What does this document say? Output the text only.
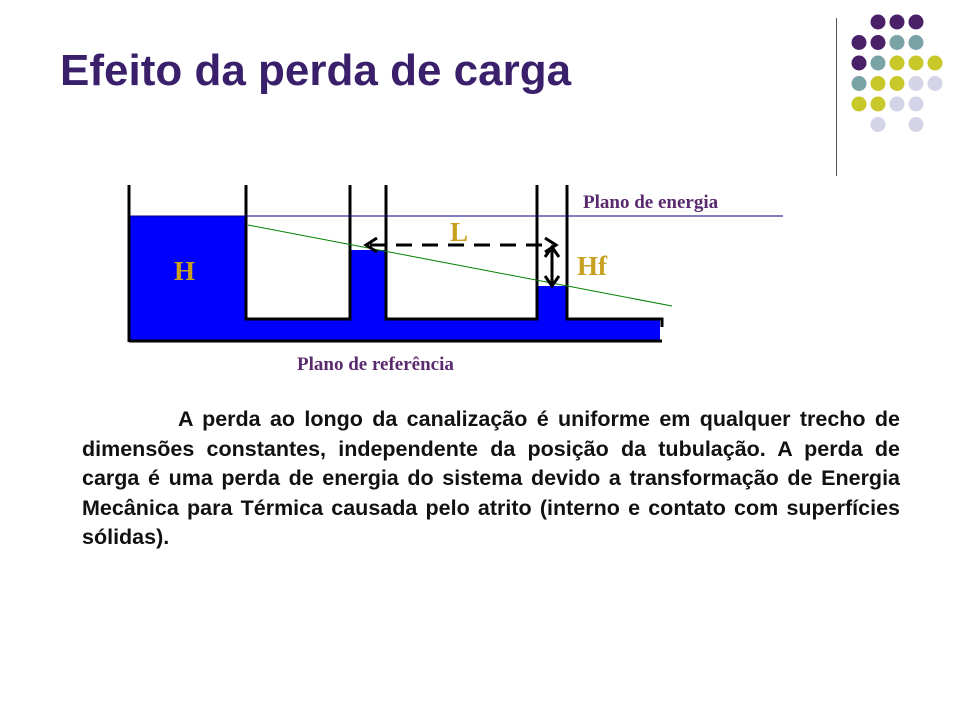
Efeito da perda de carga
Plano de energia
Plano de referência
H
L
Hf

A perda ao longo da canalização é uniforme em qualquer trecho de dimensões constantes, independente da posição da tubulação. A perda de carga é uma perda de energia do sistema devido a transformação de Energia Mecânica para Térmica causada pelo atrito (interno e contato com superfícies sólidas).
